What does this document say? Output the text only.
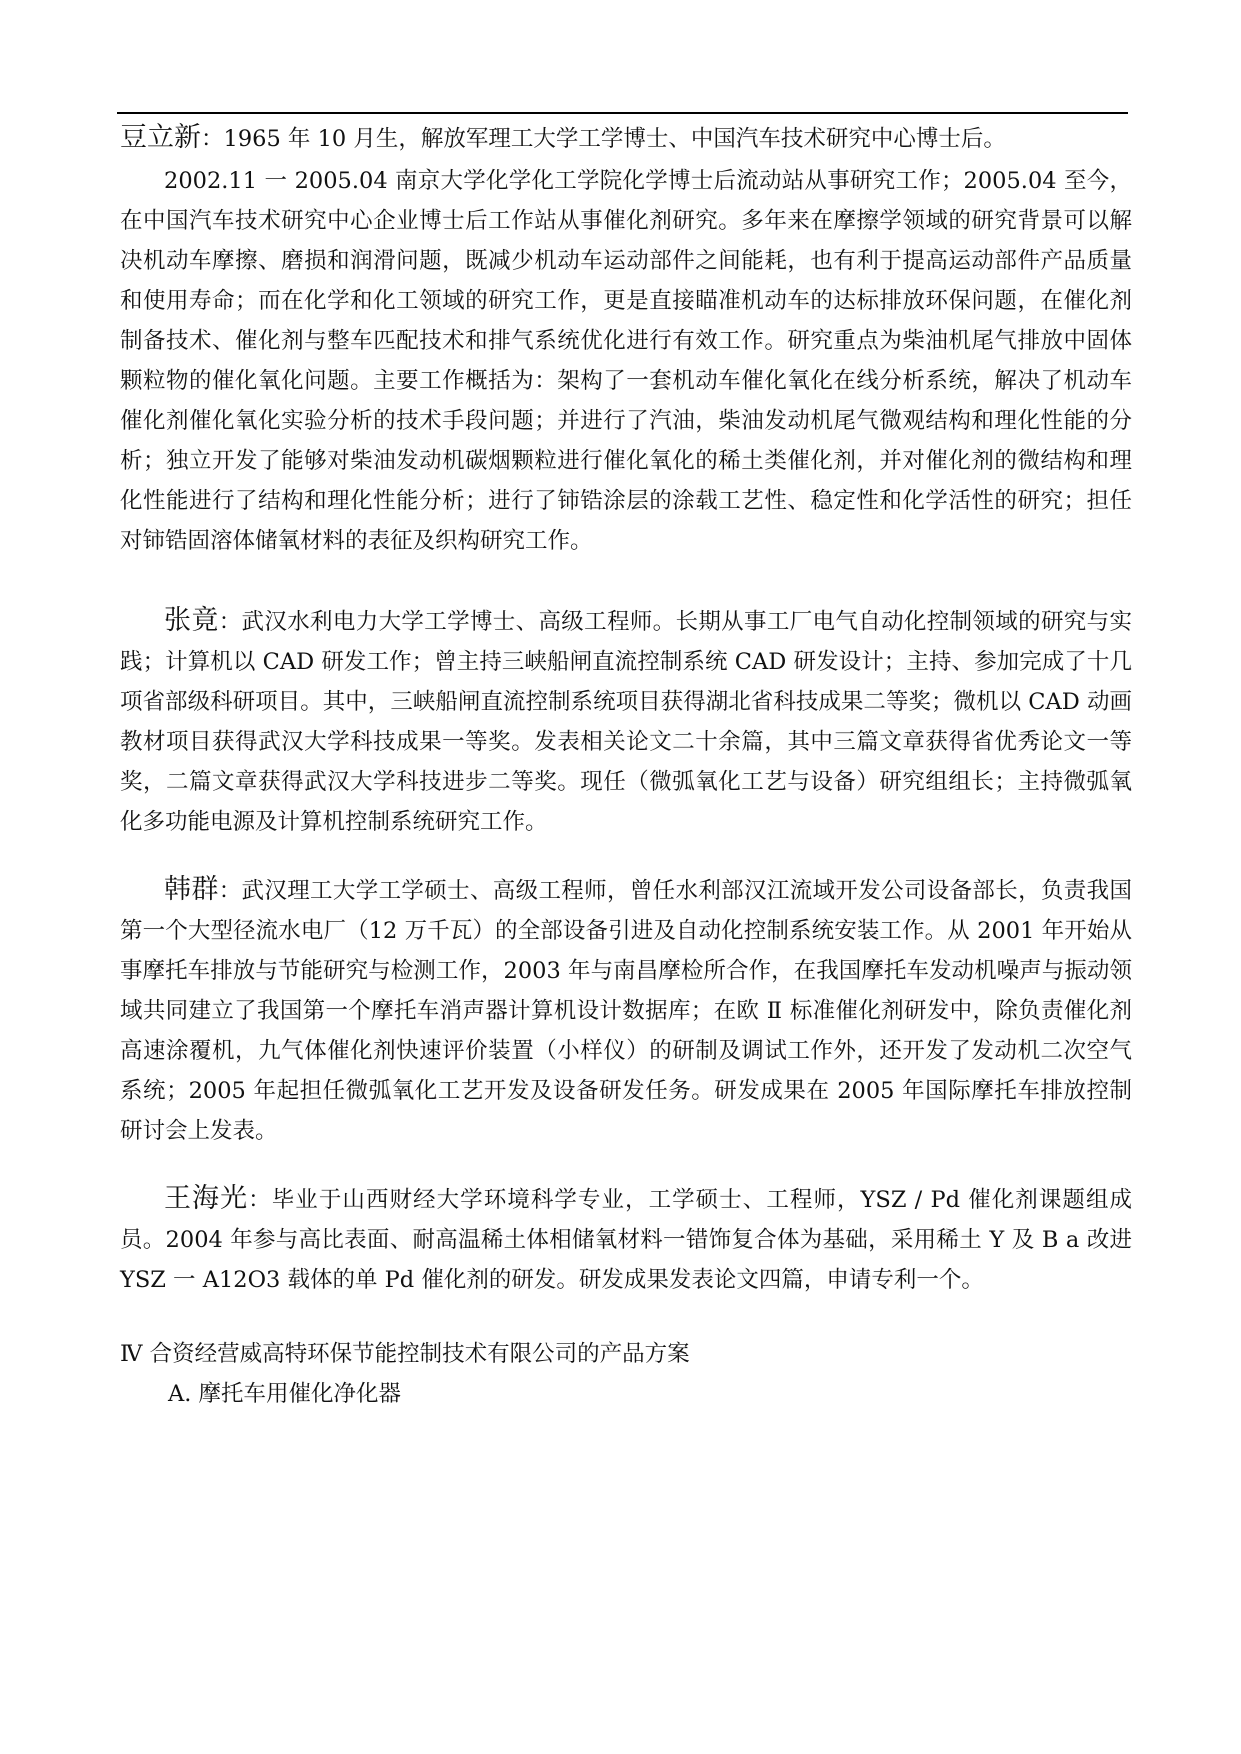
豆立新：1965 年 10 月生，解放军理工大学工学博士、中国汽车技术研究中心博士后。

2002.11 一 2005.04 南京大学化学化工学院化学博士后流动站从事研究工作；2005.04 至今，在中国汽车技术研究中心企业博士后工作站从事催化剂研究。多年来在摩擦学领域的研究背景可以解决机动车摩擦、磨损和润滑问题，既减少机动车运动部件之间能耗，也有利于提高运动部件产品质量和使用寿命；而在化学和化工领域的研究工作，更是直接瞄准机动车的达标排放环保问题，在催化剂制备技术、催化剂与整车匹配技术和排气系统优化进行有效工作。研究重点为柴油机尾气排放中固体颗粒物的催化氧化问题。主要工作概括为：架构了一套机动车催化氧化在线分析系统，解决了机动车催化剂催化氧化实验分析的技术手段问题；并进行了汽油，柴油发动机尾气微观结构和理化性能的分析；独立开发了能够对柴油发动机碳烟颗粒进行催化氧化的稀土类催化剂，并对催化剂的微结构和理化性能进行了结构和理化性能分析；进行了铈锆涂层的涂载工艺性、稳定性和化学活性的研究；担任对铈锆固溶体储氧材料的表征及织构研究工作。

张竟：武汉水利电力大学工学博士、高级工程师。长期从事工厂电气自动化控制领域的研究与实践；计算机以 CAD 研发工作；曾主持三峡船闸直流控制系统 CAD 研发设计；主持、参加完成了十几项省部级科研项目。其中，三峡船闸直流控制系统项目获得湖北省科技成果二等奖；微机以 CAD 动画教材项目获得武汉大学科技成果一等奖。发表相关论文二十余篇，其中三篇文章获得省优秀论文一等奖，二篇文章获得武汉大学科技进步二等奖。现任（微弧氧化工艺与设备）研究组组长；主持微弧氧化多功能电源及计算机控制系统研究工作。

韩群：武汉理工大学工学硕士、高级工程师，曾任水利部汉江流域开发公司设备部长，负责我国第一个大型径流水电厂（12 万千瓦）的全部设备引进及自动化控制系统安装工作。从 2001 年开始从事摩托车排放与节能研究与检测工作，2003 年与南昌摩检所合作，在我国摩托车发动机噪声与振动领域共同建立了我国第一个摩托车消声器计算机设计数据库；在欧 Ⅱ 标准催化剂研发中，除负责催化剂高速涂覆机，九气体催化剂快速评价装置（小样仪）的研制及调试工作外，还开发了发动机二次空气系统；2005 年起担任微弧氧化工艺开发及设备研发任务。研发成果在 2005 年国际摩托车排放控制研讨会上发表。

王海光：毕业于山西财经大学环境科学专业，工学硕士、工程师，YSZ / Pd 催化剂课题组成员。2004 年参与高比表面、耐高温稀土体相储氧材料一错饰复合体为基础，采用稀土 Y 及 B a 改进 YSZ 一 A12O3 载体的单 Pd 催化剂的研发。研发成果发表论文四篇，申请专利一个。

Ⅳ 合资经营威高特环保节能控制技术有限公司的产品方案

A. 摩托车用催化净化器
